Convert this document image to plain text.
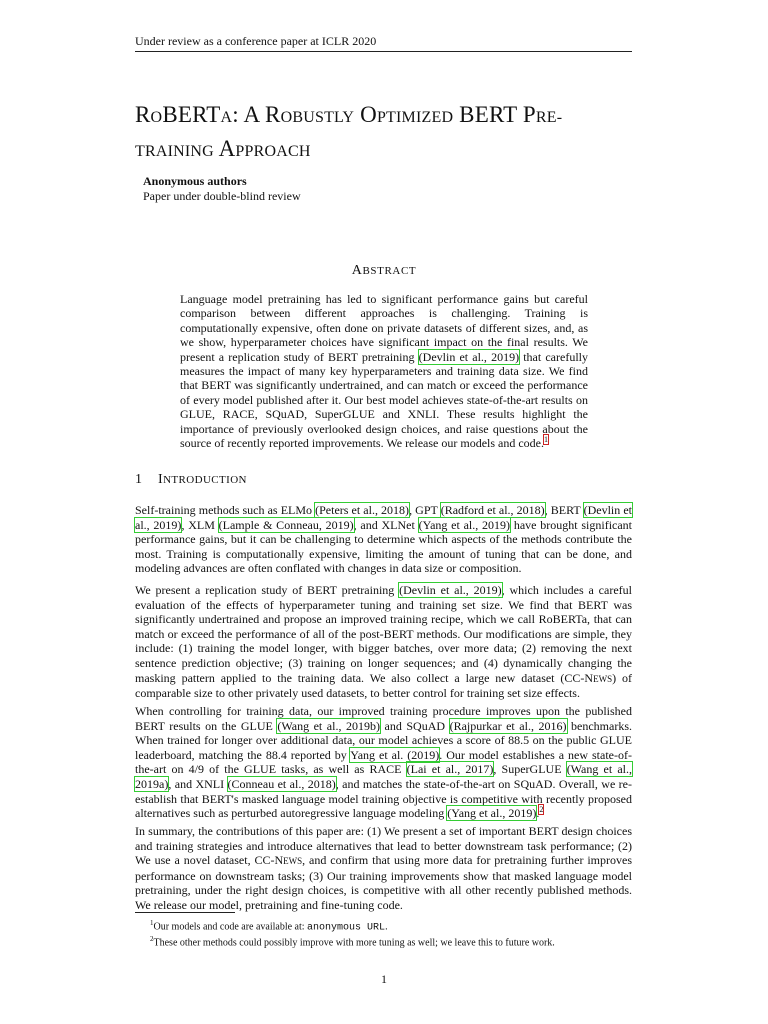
Under review as a conference paper at ICLR 2020
ROBERTA: A ROBUSTLY OPTIMIZED BERT PRE-
TRAINING APPROACH
Anonymous authors
Paper under double-blind review
ABSTRACT
Language model pretraining has led to significant performance gains but careful comparison between different approaches is challenging. Training is computationally expensive, often done on private datasets of different sizes, and, as we show, hyperparameter choices have significant impact on the final results. We present a replication study of BERT pretraining (Devlin et al., 2019) that carefully measures the impact of many key hyperparameters and training data size. We find that BERT was significantly undertrained, and can match or exceed the performance of every model published after it. Our best model achieves state-of-the-art results on GLUE, RACE, SQuAD, SuperGLUE and XNLI. These results highlight the importance of previously overlooked design choices, and raise questions about the source of recently reported improvements. We release our models and code.$^1$
1 INTRODUCTION

Self-training methods such as ELMo (Peters et al., 2018), GPT (Radford et al., 2018), BERT (Devlin et al., 2019), XLM (Lample & Conneau, 2019), and XLNet (Yang et al., 2019) have brought significant performance gains, but it can be challenging to determine which aspects of the methods contribute the most. Training is computationally expensive, limiting the amount of tuning that can be done, and modeling advances are often conflated with changes in data size or composition.

We present a replication study of BERT pretraining (Devlin et al., 2019), which includes a careful evaluation of the effects of hyperparameter tuning and training set size. We find that BERT was significantly undertrained and propose an improved training recipe, which we call RoBERTa, that can match or exceed the performance of all of the post-BERT methods. Our modifications are simple, they include: (1) training the model longer, with bigger batches, over more data; (2) removing the next sentence prediction objective; (3) training on longer sequences; and (4) dynamically changing the masking pattern applied to the training data. We also collect a large new dataset (CC-NEWS) of comparable size to other privately used datasets, to better control for training set size effects.

When controlling for training data, our improved training procedure improves upon the published BERT results on the GLUE (Wang et al., 2019b) and SQuAD (Rajpurkar et al., 2016) benchmarks. When trained for longer over additional data, our model achieves a score of 88.5 on the public GLUE leaderboard, matching the 88.4 reported by Yang et al. (2019). Our model establishes a new state-of-the-art on 4/9 of the GLUE tasks, as well as RACE (Lai et al., 2017), SuperGLUE (Wang et al., 2019a), and XNLI (Conneau et al., 2018), and matches the state-of-the-art on SQuAD. Overall, we re-establish that BERT's masked language model training objective is competitive with recently proposed alternatives such as perturbed autoregressive language modeling (Yang et al., 2019).$^2$

In summary, the contributions of this paper are: (1) We present a set of important BERT design choices and training strategies and introduce alternatives that lead to better downstream task performance; (2) We use a novel dataset, CC-NEWS, and confirm that using more data for pretraining further improves performance on downstream tasks; (3) Our training improvements show that masked language model pretraining, under the right design choices, is competitive with all other recently published methods. We release our model, pretraining and fine-tuning code.

$^1$Our models and code are available at: anonymous URL.
$^2$These other methods could possibly improve with more tuning as well; we leave this to future work.
1
